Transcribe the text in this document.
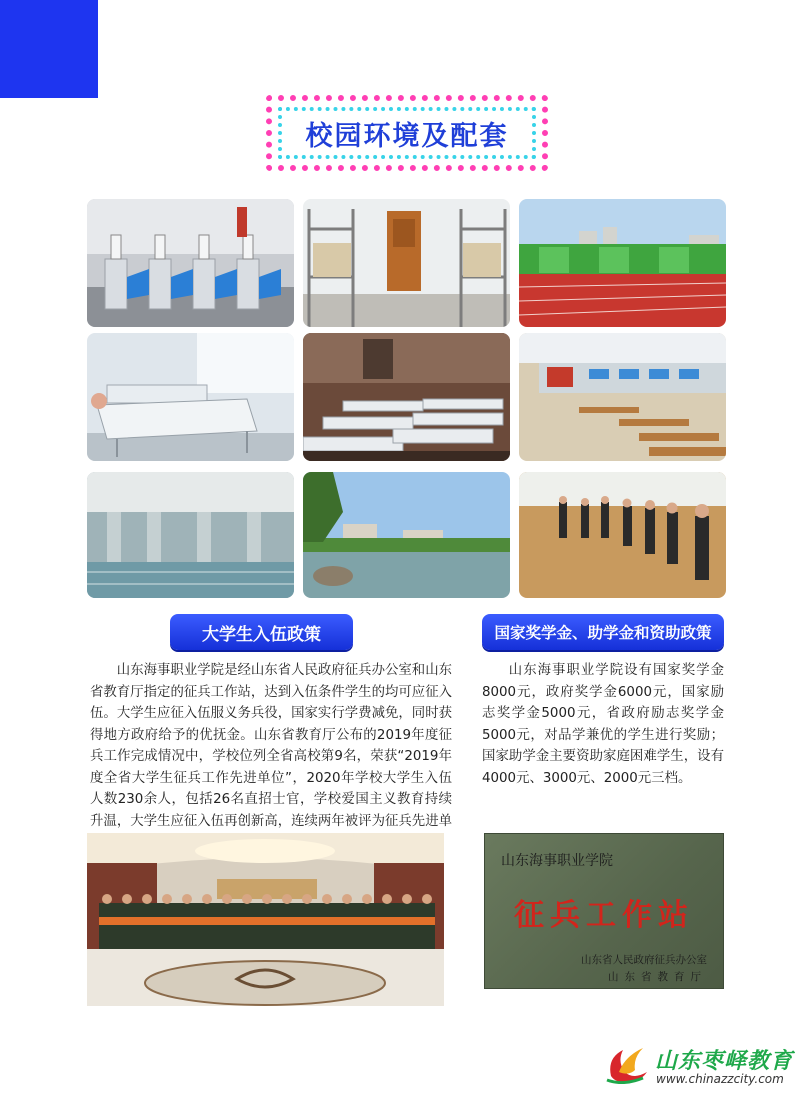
校园环境及配套
大学生入伍政策
山东海事职业学院是经山东省人民政府征兵办公室和山东省教育厅指定的征兵工作站，达到入伍条件学生的均可应征入伍。大学生应征入伍服义务兵役，国家实行学费减免，同时获得地方政府给予的优抚金。山东省教育厅公布的2019年度征兵工作完成情况中，学校位列全省高校第9名，荣获“2019年度全省大学生征兵工作先进单位”，2020年学校大学生入伍人数230余人，包括26名直招士官，学校爱国主义教育持续升温，大学生应征入伍再创新高，连续两年被评为征兵先进单
国家奖学金、助学金和资助政策
山东海事职业学院设有国家奖学金8000元，政府奖学金6000元，国家励志奖学金5000元，省政府励志奖学金5000元，对品学兼优的学生进行奖励；国家助学金主要资助家庭困难学生，设有4000元、3000元、2000元三档。
山东海事职业学院
征兵工作站
山东省人民政府征兵办公室
山东省教育厅
山东枣峄教育
www.chinazzcity.com
